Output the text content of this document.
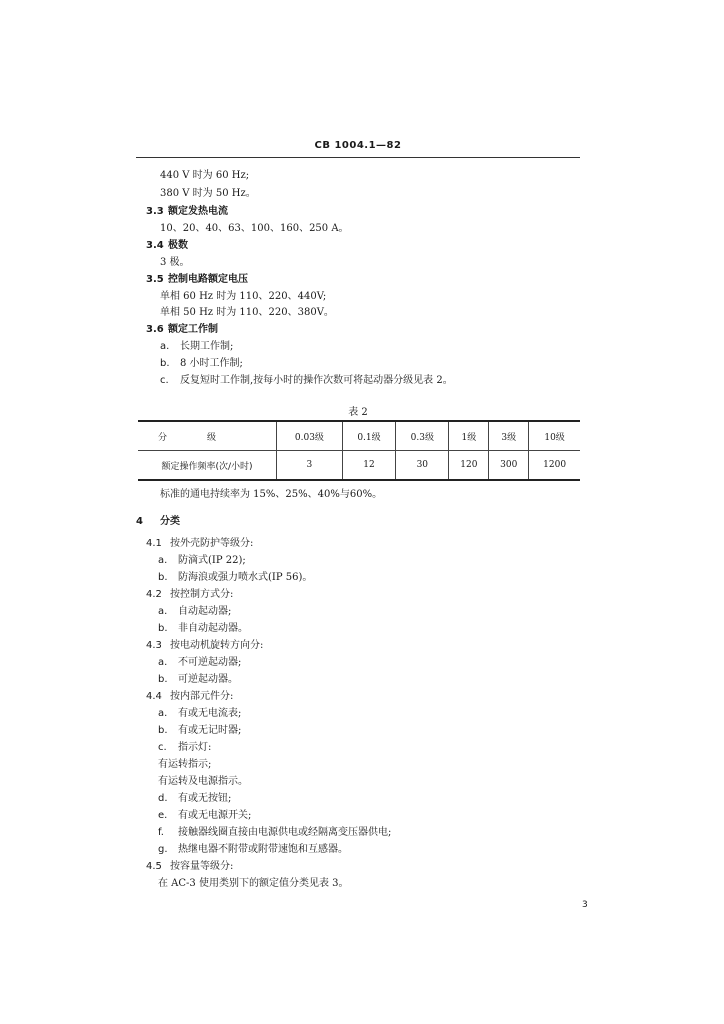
CB 1004.1—82
440 V 时为 60 Hz;
380 V 时为 50 Hz。
3.3 额定发热电流
10、20、40、63、100、160、250 A。
3.4 极数
3 极。
3.5 控制电路额定电压
单相 60 Hz 时为 110、220、440V;
单相 50 Hz 时为 110、220、380V。
3.6 额定工作制
a. 长期工作制;
b. 8 小时工作制;
c. 反复短时工作制,按每小时的操作次数可将起动器分级见表 2。
表 2
分级	0.03级	0.1级	0.3级	1级	3级	10级
额定操作频率(次/小时)	3	12	30	120	300	1200
标准的通电持续率为 15%、25%、40%与60%。
4 分类
4.1 按外壳防护等级分:
a. 防滴式(IP 22);
b. 防海浪或强力喷水式(IP 56)。
4.2 按控制方式分:
a. 自动起动器;
b. 非自动起动器。
4.3 按电动机旋转方向分:
a. 不可逆起动器;
b. 可逆起动器。
4.4 按内部元件分:
a. 有或无电流表;
b. 有或无记时器;
c. 指示灯:
有运转指示;
有运转及电源指示。
d. 有或无按钮;
e. 有或无电源开关;
f. 接触器线圈直接由电源供电或经隔离变压器供电;
g. 热继电器不附带或附带速饱和互感器。
4.5 按容量等级分:
在 AC-3 使用类别下的额定值分类见表 3。
3
